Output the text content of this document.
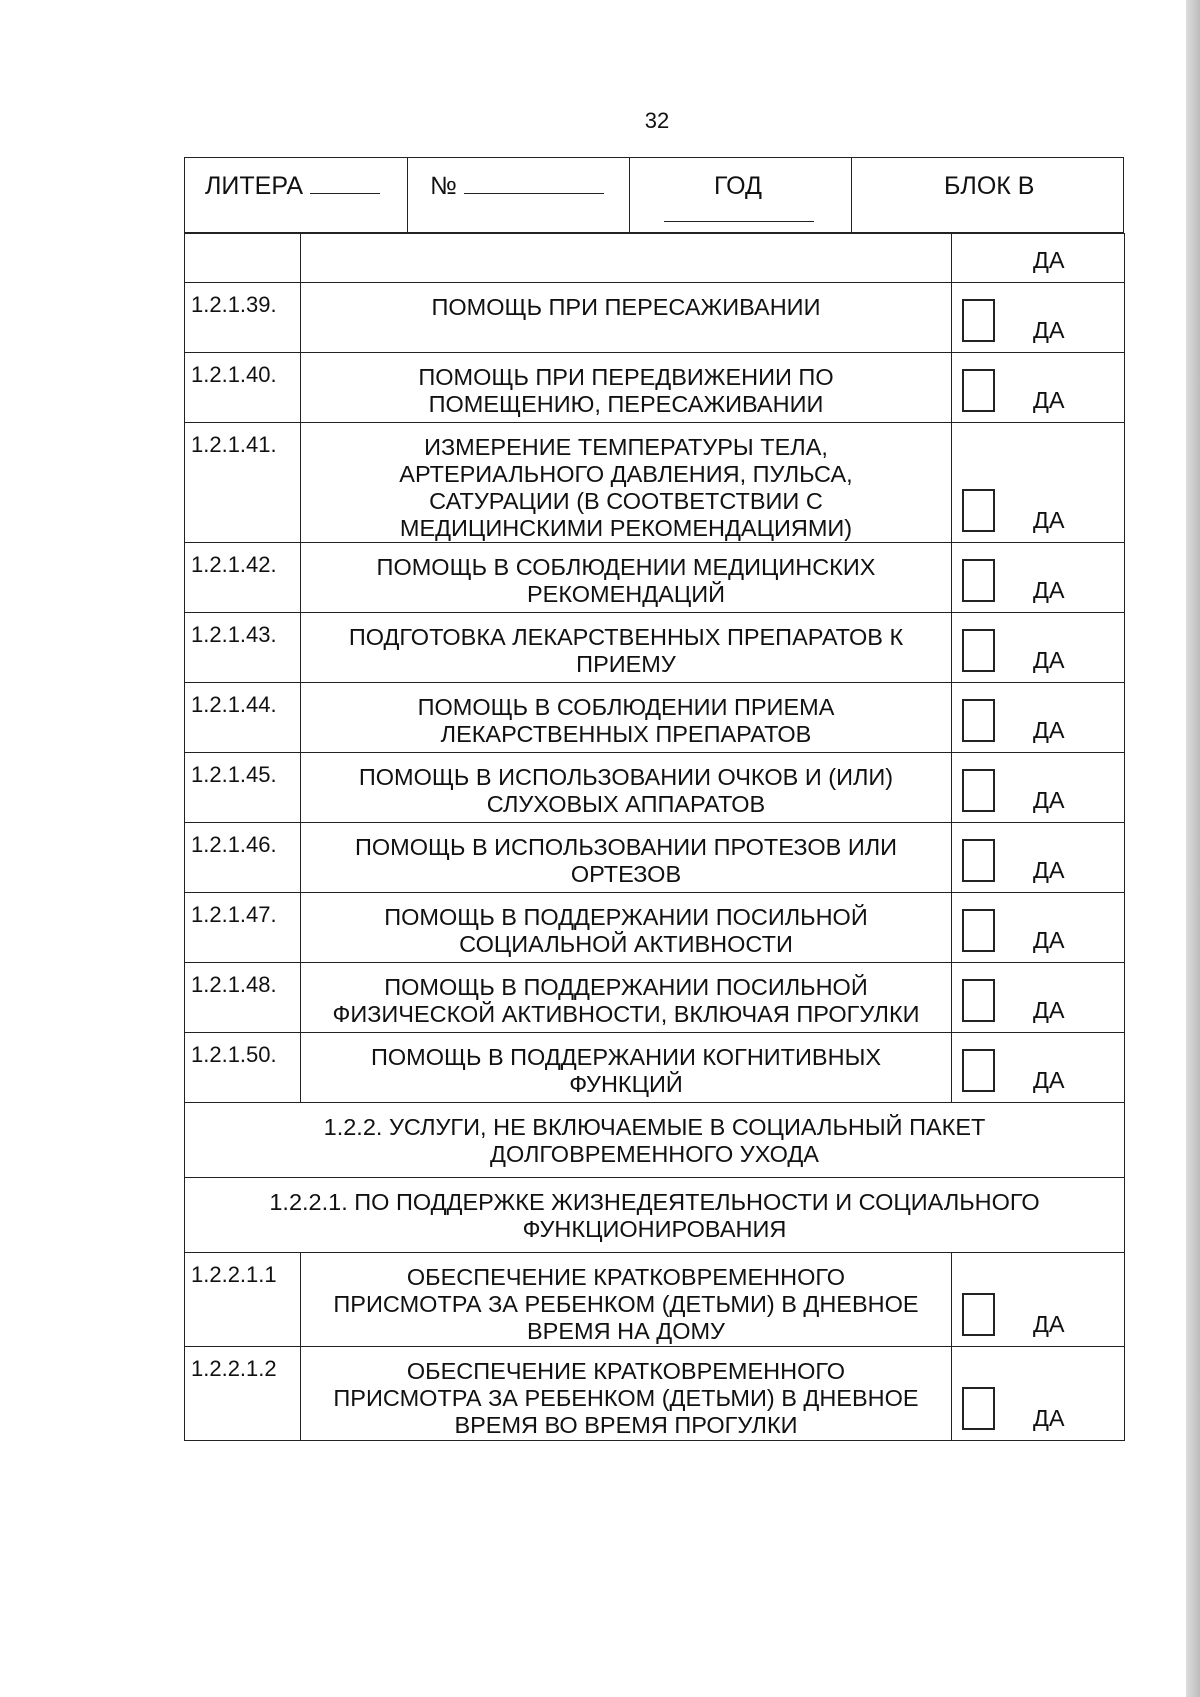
32
ЛИТЕРА	№	ГОД	БЛОК В

		ДА

1.2.1.39.	ПОМОЩЬ ПРИ ПЕРЕСАЖИВАНИИ	ДА

1.2.1.40.	ПОМОЩЬ ПРИ ПЕРЕДВИЖЕНИИ ПО
ПОМЕЩЕНИЮ, ПЕРЕСАЖИВАНИИ	ДА

1.2.1.41.	ИЗМЕРЕНИЕ ТЕМПЕРАТУРЫ ТЕЛА,
АРТЕРИАЛЬНОГО ДАВЛЕНИЯ, ПУЛЬСА,
САТУРАЦИИ (В СООТВЕТСТВИИ С
МЕДИЦИНСКИМИ РЕКОМЕНДАЦИЯМИ)	ДА

1.2.1.42.	ПОМОЩЬ В СОБЛЮДЕНИИ МЕДИЦИНСКИХ
РЕКОМЕНДАЦИЙ	ДА

1.2.1.43.	ПОДГОТОВКА ЛЕКАРСТВЕННЫХ ПРЕПАРАТОВ К
ПРИЕМУ	ДА

1.2.1.44.	ПОМОЩЬ В СОБЛЮДЕНИИ ПРИЕМА
ЛЕКАРСТВЕННЫХ ПРЕПАРАТОВ	ДА

1.2.1.45.	ПОМОЩЬ В ИСПОЛЬЗОВАНИИ ОЧКОВ И (ИЛИ)
СЛУХОВЫХ АППАРАТОВ	ДА

1.2.1.46.	ПОМОЩЬ В ИСПОЛЬЗОВАНИИ ПРОТЕЗОВ ИЛИ
ОРТЕЗОВ	ДА

1.2.1.47.	ПОМОЩЬ В ПОДДЕРЖАНИИ ПОСИЛЬНОЙ
СОЦИАЛЬНОЙ АКТИВНОСТИ	ДА

1.2.1.48.	ПОМОЩЬ В ПОДДЕРЖАНИИ ПОСИЛЬНОЙ
ФИЗИЧЕСКОЙ АКТИВНОСТИ, ВКЛЮЧАЯ ПРОГУЛКИ	ДА

1.2.1.50.	ПОМОЩЬ В ПОДДЕРЖАНИИ КОГНИТИВНЫХ
ФУНКЦИЙ	ДА

1.2.2. УСЛУГИ, НЕ ВКЛЮЧАЕМЫЕ В СОЦИАЛЬНЫЙ ПАКЕТ
ДОЛГОВРЕМЕННОГО УХОДА		

1.2.2.1. ПО ПОДДЕРЖКЕ ЖИЗНЕДЕЯТЕЛЬНОСТИ И СОЦИАЛЬНОГО
ФУНКЦИОНИРОВАНИЯ		

1.2.2.1.1	ОБЕСПЕЧЕНИЕ КРАТКОВРЕМЕННОГО
ПРИСМОТРА ЗА РЕБЕНКОМ (ДЕТЬМИ) В ДНЕВНОЕ
ВРЕМЯ НА ДОМУ	ДА

1.2.2.1.2	ОБЕСПЕЧЕНИЕ КРАТКОВРЕМЕННОГО
ПРИСМОТРА ЗА РЕБЕНКОМ (ДЕТЬМИ) В ДНЕВНОЕ
ВРЕМЯ ВО ВРЕМЯ ПРОГУЛКИ	ДА
